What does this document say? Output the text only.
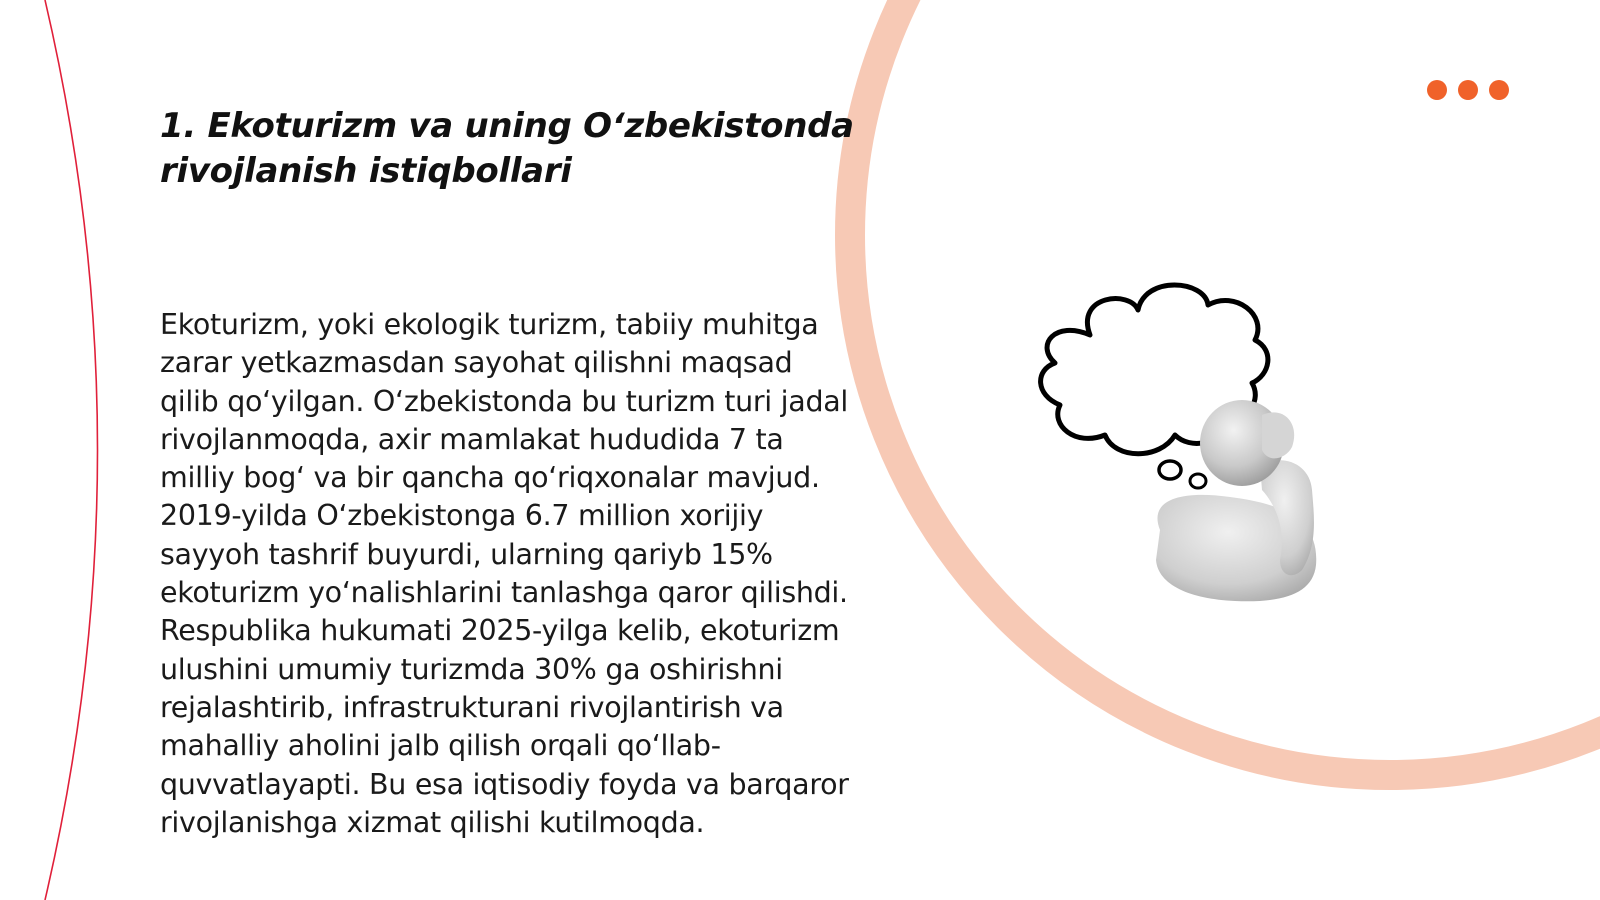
1. Ekoturizm va uning O‘zbekistonda rivojlanish istiqbollari

Ekoturizm, yoki ekologik turizm, tabiiy muhitga zarar yetkazmasdan sayohat qilishni maqsad qilib qo‘yilgan. O‘zbekistonda bu turizm turi jadal rivojlanmoqda, axir mamlakat hududida 7 ta milliy bog‘ va bir qancha qo‘riqxonalar mavjud. 2019-yilda O‘zbekistonga 6.7 million xorijiy sayyoh tashrif buyurdi, ularning qariyb 15% ekoturizm yo‘nalishlarini tanlashga qaror qilishdi. Respublika hukumati 2025-yilga kelib, ekoturizm ulushini umumiy turizmda 30% ga oshirishni rejalashtirib, infrastrukturani rivojlantirish va mahalliy aholini jalb qilish orqali qo‘llab-quvvatlayapti. Bu esa iqtisodiy foyda va barqaror rivojlanishga xizmat qilishi kutilmoqda.
